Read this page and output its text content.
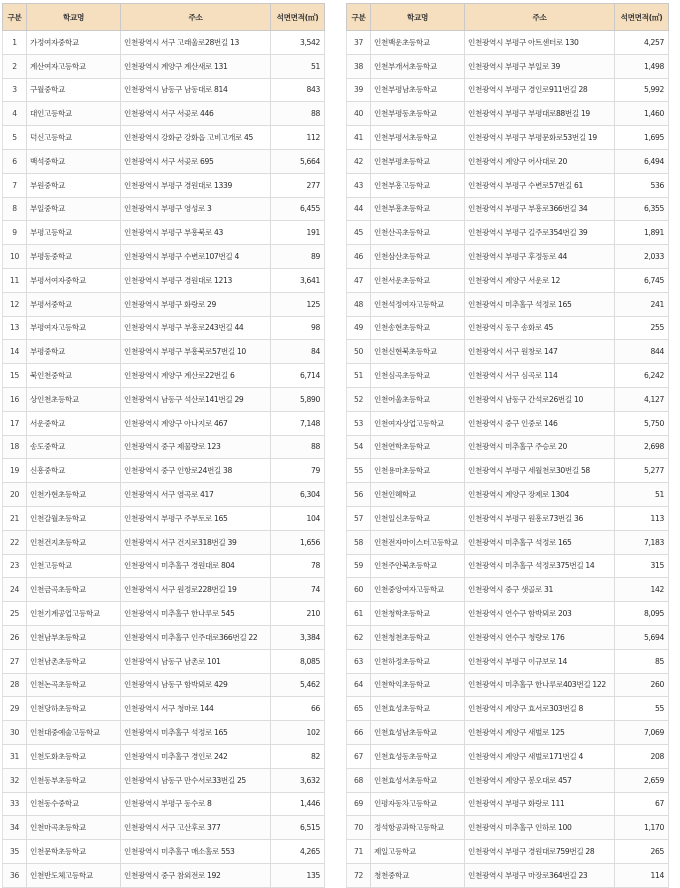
구분	학교명	주소	석면면적(㎡)
1	가정여자중학교	인천광역시 서구 고래울로28번길 13	3,542
2	계산여자고등학교	인천광역시 계양구 계산새로 131	51
3	구월중학교	인천광역시 남동구 남동대로 814	843
4	대인고등학교	인천광역시 서구 서곶로 446	88
5	덕신고등학교	인천광역시 강화군 강화읍 고비고개로 45	112
6	백석중학교	인천광역시 서구 서곶로 695	5,664
7	부원중학교	인천광역시 부평구 경원대로 1339	277
8	부일중학교	인천광역시 부평구 영성로 3	6,455
9	부평고등학교	인천광역시 부평구 부흥북로 43	191
10	부평동중학교	인천광역시 부평구 수변로107번길 4	89
11	부평서여자중학교	인천광역시 부평구 경원대로 1213	3,641
12	부평서중학교	인천광역시 부평구 화랑로 29	125
13	부평여자고등학교	인천광역시 부평구 부흥로243번길 44	98
14	부평중학교	인천광역시 부평구 부흥북로57번길 10	84
15	북인천중학교	인천광역시 계양구 계산로22번길 6	6,714
16	상인천초등학교	인천광역시 남동구 석산로141번길 29	5,890
17	서운중학교	인천광역시 계양구 아나지로 467	7,148
18	송도중학교	인천광역시 중구 제물량로 123	88
19	신흥중학교	인천광역시 중구 인항로24번길 38	79
20	인천가현초등학교	인천광역시 서구 염곡로 417	6,304
21	인천갈월초등학교	인천광역시 부평구 주부토로 165	104
22	인천건지초등학교	인천광역시 서구 건지로318번길 39	1,656
23	인천고등학교	인천광역시 미추홀구 경원대로 804	78
24	인천금곡초등학교	인천광역시 서구 원정로228번길 19	74
25	인천기계공업고등학교	인천광역시 미추홀구 한나루로 545	210
26	인천남부초등학교	인천광역시 미추홀구 인주대로366번길 22	3,384
27	인천남촌초등학교	인천광역시 남동구 남촌로 101	8,085
28	인천논곡초등학교	인천광역시 남동구 함박뫼로 429	5,462
29	인천당하초등학교	인천광역시 서구 청마로 144	66
30	인천대중예술고등학교	인천광역시 미추홀구 석정로 165	102
31	인천도화초등학교	인천광역시 미추홀구 경인로 242	82
32	인천동부초등학교	인천광역시 남동구 만수서로33번길 25	3,632
33	인천동수중학교	인천광역시 부평구 동수로 8	1,446
34	인천마곡초등학교	인천광역시 서구 고산후로 377	6,515
35	인천문학초등학교	인천광역시 미추홀구 매소홀로 553	4,265
36	인천반도체고등학교	인천광역시 중구 참외전로 192	135
구분	학교명	주소	석면면적(㎡)
37	인천백운초등학교	인천광역시 부평구 아트센터로 130	4,257
38	인천부개서초등학교	인천광역시 부평구 부일로 39	1,498
39	인천부평남초등학교	인천광역시 부평구 경인로911번길 28	5,992
40	인천부평동초등학교	인천광역시 부평구 부평대로88번길 19	1,460
41	인천부평서초등학교	인천광역시 부평구 부평문화로53번길 19	1,695
42	인천부평초등학교	인천광역시 계양구 어사대로 20	6,494
43	인천부흥고등학교	인천광역시 부평구 수변로57번길 61	536
44	인천부흥초등학교	인천광역시 부평구 부흥로366번길 34	6,355
45	인천산곡초등학교	인천광역시 부평구 길주로354번길 39	1,891
46	인천삼산초등학교	인천광역시 부평구 후정동로 44	2,033
47	인천서운초등학교	인천광역시 계양구 서운로 12	6,745
48	인천석정여자고등학교	인천광역시 미추홀구 석정로 165	241
49	인천송현초등학교	인천광역시 동구 송화로 45	255
50	인천신현북초등학교	인천광역시 서구 원창로 147	844
51	인천심곡초등학교	인천광역시 서구 심곡로 114	6,242
52	인천어울초등학교	인천광역시 남동구 간석로26번길 10	4,127
53	인천여자상업고등학교	인천광역시 중구 인중로 146	5,750
54	인천연학초등학교	인천광역시 미추홀구 주승로 20	2,698
55	인천용마초등학교	인천광역시 부평구 세월천로30번길 58	5,277
56	인천인혜학교	인천광역시 계양구 장제로 1304	51
57	인천일신초등학교	인천광역시 부평구 원흥로73번길 36	113
58	인천전자마이스터고등학교	인천광역시 미추홀구 석정로 165	7,183
59	인천주안북초등학교	인천광역시 미추홀구 석정로375번길 14	315
60	인천중앙여자고등학교	인천광역시 중구 샛골로 31	142
61	인천청학초등학교	인천광역시 연수구 함박뫼로 203	8,095
62	인천청천초등학교	인천광역시 연수구 청량로 176	5,694
63	인천하정초등학교	인천광역시 부평구 이규보로 14	85
64	인천학익초등학교	인천광역시 미추홀구 한나루로403번길 122	260
65	인천효성초등학교	인천광역시 계양구 효서로303번길 8	55
66	인천효성남초등학교	인천광역시 계양구 새벌로 125	7,069
67	인천효성동초등학교	인천광역시 계양구 새벌로171번길 4	208
68	인천효성서초등학교	인천광역시 계양구 봉오대로 457	2,659
69	인평자동차고등학교	인천광역시 부평구 화랑로 111	67
70	정석항공과학고등학교	인천광역시 미추홀구 인하로 100	1,170
71	제일고등학교	인천광역시 부평구 경원대로759번길 28	265
72	청천중학교	인천광역시 부평구 마장로364번길 23	114
